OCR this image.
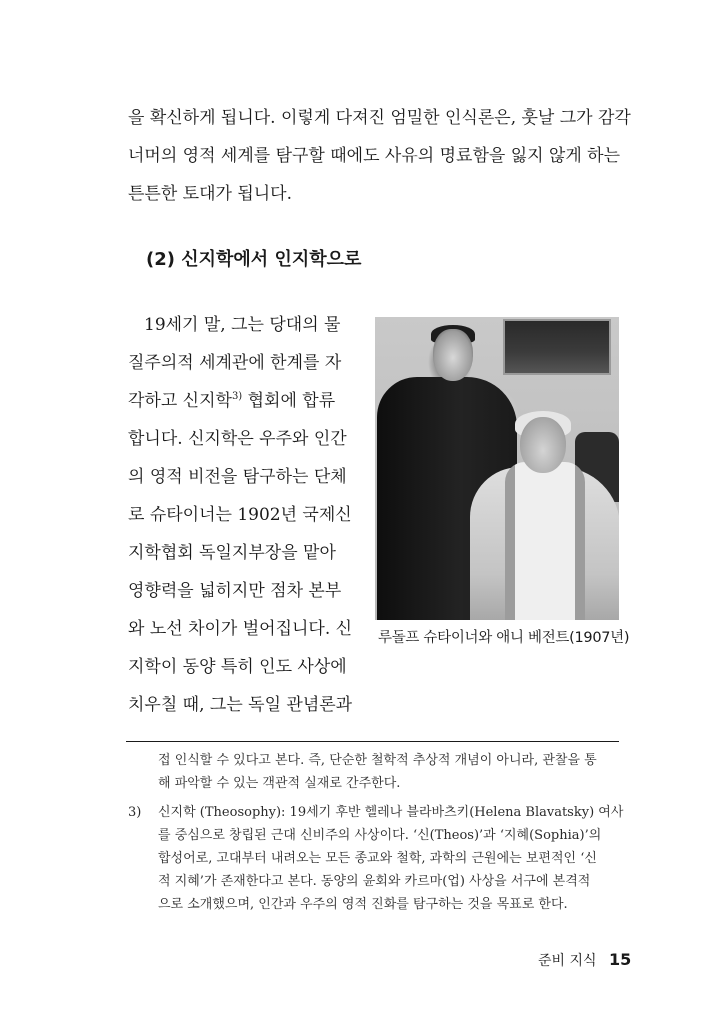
을 확신하게 됩니다. 이렇게 다져진 엄밀한 인식론은, 훗날 그가 감각
너머의 영적 세계를 탐구할 때에도 사유의 명료함을 잃지 않게 하는
튼튼한 토대가 됩니다.
(2) 신지학에서 인지학으로
19세기 말, 그는 당대의 물
질주의적 세계관에 한계를 자
각하고 신지학$^{3)}$ 협회에 합류
합니다. 신지학은 우주와 인간
의 영적 비전을 탐구하는 단체
로 슈타이너는 1902년 국제신
지학협회 독일지부장을 맡아
영향력을 넓히지만 점차 본부
와 노선 차이가 벌어집니다. 신
지학이 동양 특히 인도 사상에
치우칠 때, 그는 독일 관념론과
루돌프 슈타이너와 애니 베전트(1907년)
접 인식할 수 있다고 본다. 즉, 단순한 철학적 추상적 개념이 아니라, 관찰을 통
해 파악할 수 있는 객관적 실재로 간주한다.
3) 신지학 (Theosophy): 19세기 후반 헬레나 블라바츠키(Helena Blavatsky) 여사
를 중심으로 창립된 근대 신비주의 사상이다. ‘신(Theos)’과 ‘지혜(Sophia)’의
합성어로, 고대부터 내려오는 모든 종교와 철학, 과학의 근원에는 보편적인 ‘신
적 지혜’가 존재한다고 본다. 동양의 윤회와 카르마(업) 사상을 서구에 본격적
으로 소개했으며, 인간과 우주의 영적 진화를 탐구하는 것을 목표로 한다.
준비 지식 15
